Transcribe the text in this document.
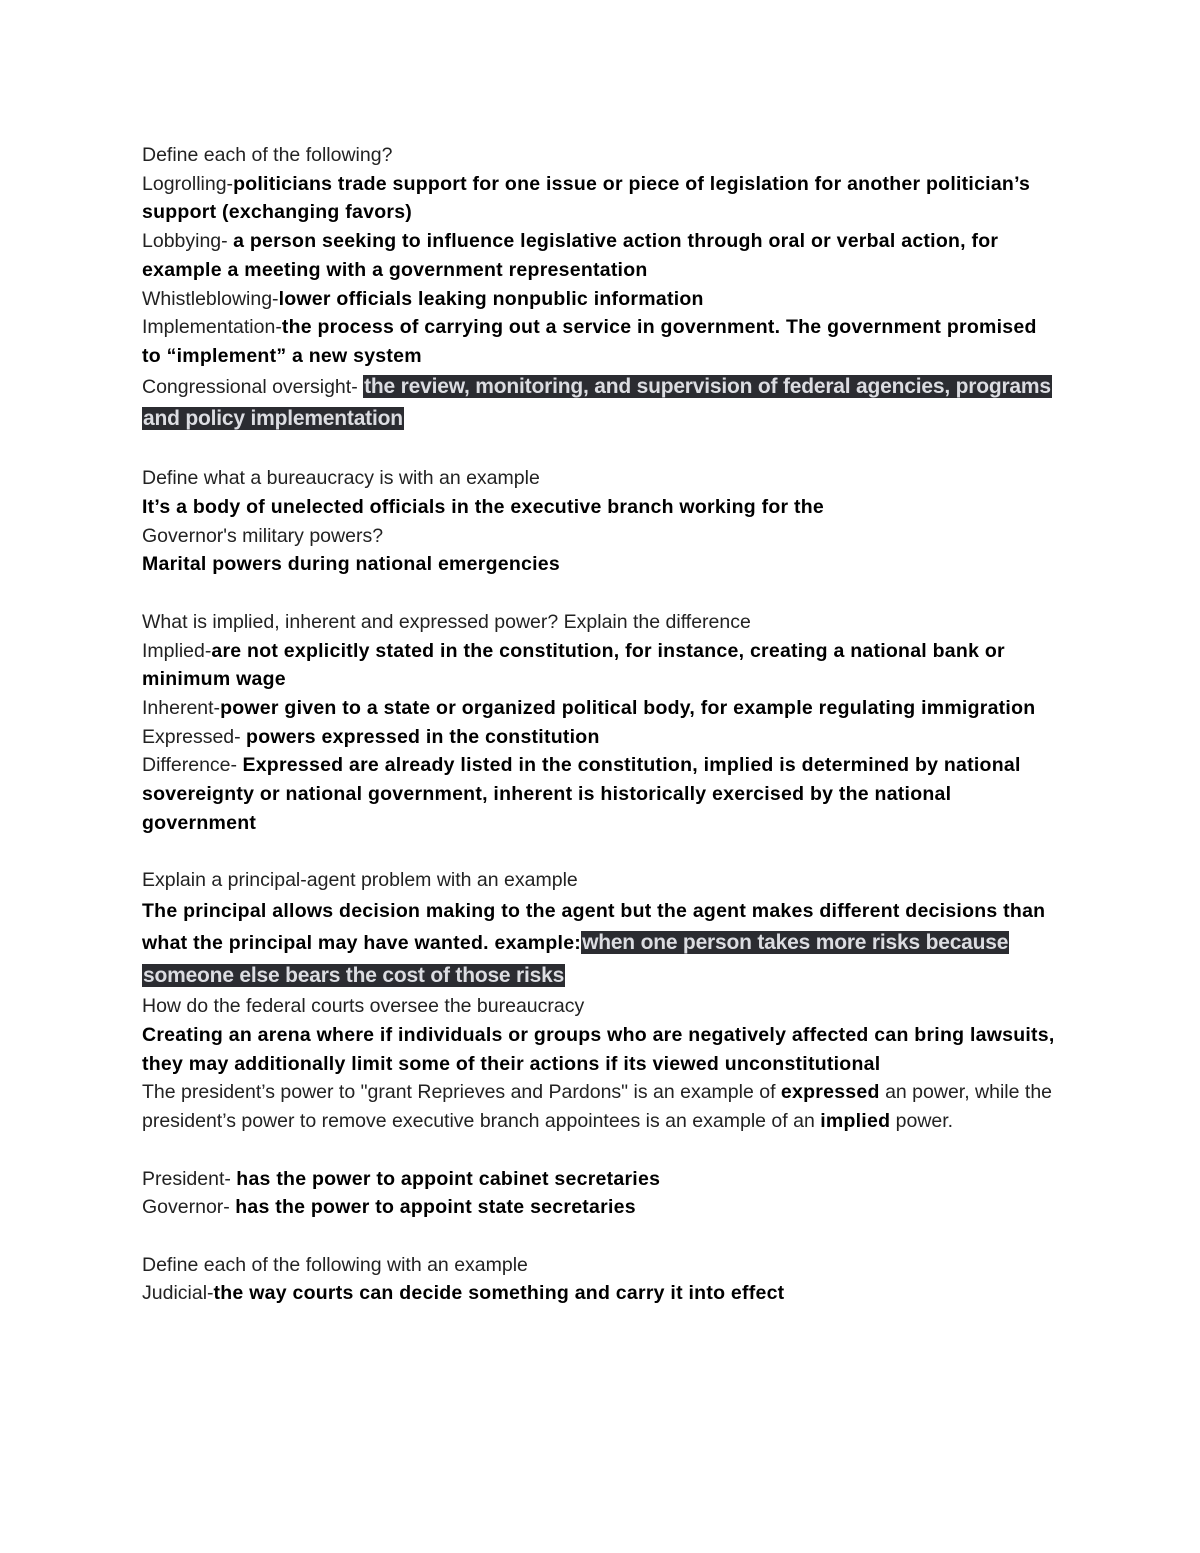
Define each of the following?
Logrolling-politicians trade support for one issue or piece of legislation for another politician’s support (exchanging favors)
Lobbying- a person seeking to influence legislative action through oral or verbal action, for example a meeting with a government representation
Whistleblowing-lower officials leaking nonpublic information
Implementation-the process of carrying out a service in government. The government promised to “implement” a new system
Congressional oversight- the review, monitoring, and supervision of federal agencies, programs and policy implementation
Define what a bureaucracy is with an example
It’s a body of unelected officials in the executive branch working for the
Governor's military powers?
Marital powers during national emergencies
What is implied, inherent and expressed power? Explain the difference
Implied-are not explicitly stated in the constitution, for instance, creating a national bank or minimum wage
Inherent-power given to a state or organized political body, for example regulating immigration
Expressed- powers expressed in the constitution
Difference- Expressed are already listed in the constitution, implied is determined by national sovereignty or national government, inherent is historically exercised by the national government
Explain a principal-agent problem with an example
The principal allows decision making to the agent but the agent makes different decisions than what the principal may have wanted. example:when one person takes more risks because someone else bears the cost of those risks
How do the federal courts oversee the bureaucracy
Creating an arena where if individuals or groups who are negatively affected can bring lawsuits, they may additionally limit some of their actions if its viewed unconstitutional
The president’s power to "grant Reprieves and Pardons" is an example of expressed an power, while the president’s power to remove executive branch appointees is an example of an implied power.
President- has the power to appoint cabinet secretaries
Governor- has the power to appoint state secretaries
Define each of the following with an example
Judicial-the way courts can decide something and carry it into effect
